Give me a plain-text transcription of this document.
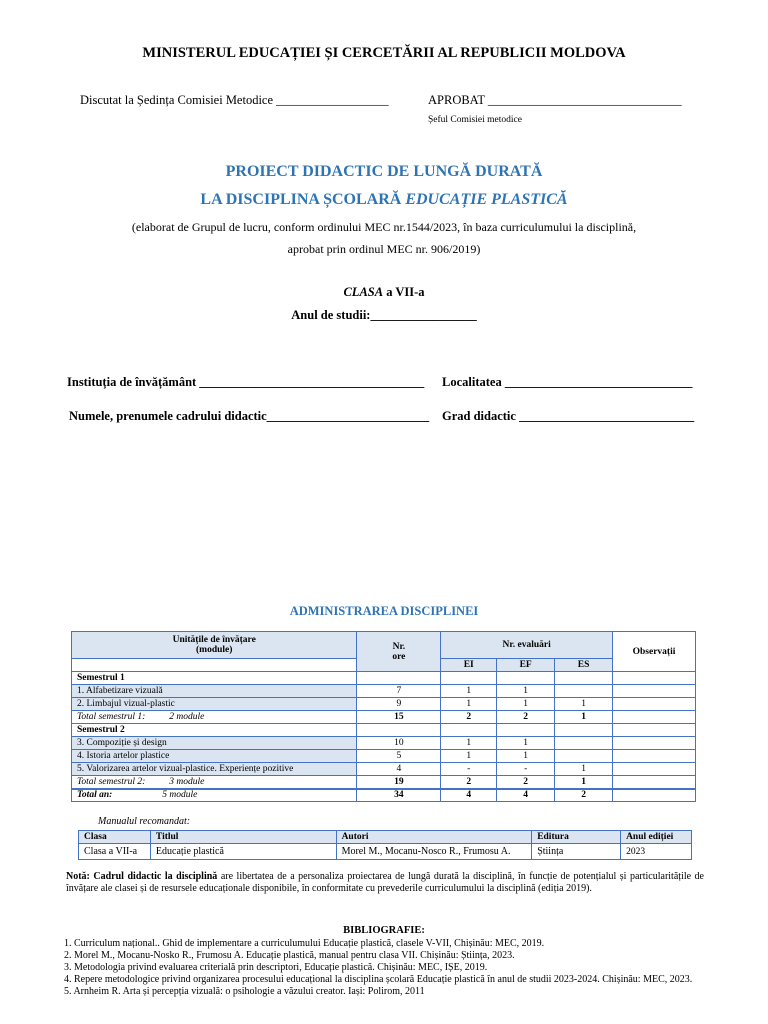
MINISTERUL EDUCAȚIEI ȘI CERCETĂRII AL REPUBLICII MOLDOVA
Discutat la Ședința Comisiei Metodice __________________	APROBAT _______________________________
Șeful Comisiei metodice
PROIECT DIDACTIC DE LUNGĂ DURATĂ
LA DISCIPLINA ȘCOLARĂ EDUCAȚIE PLASTICĂ
(elaborat de Grupul de lucru, conform ordinului MEC nr.1544/2023, în baza curriculumului la disciplină,
aprobat prin ordinul MEC nr. 906/2019)
CLASA a VII-a
Anul de studii:_________________
Instituția de învățământ ____________________________________ Localitatea ______________________________
Numele, prenumele cadrului didactic__________________________ Grad didactic ____________________________
ADMINISTRAREA DISCIPLINEI
Unitățile de învățare
(module)	Nr.
ore	Nr. evaluări			Observații
		EI	EF	ES	
Semestrul 1					
1. Alfabetizare vizuală	7	1	1		
2. Limbajul vizual-plastic	9	1	1	1	
Total semestrul 1: 2 module	15	2	2	1	
Semestrul 2					
3. Compoziție și design	10	1	1		
4. Istoria artelor plastice	5	1	1		
5. Valorizarea artelor vizual-plastice. Experiențe pozitive	4	-	-	1	
Total semestrul 2: 3 module	19	2	2	1	
Total an: 5 module	34	4	4	2	
Manualul recomandat:
Clasa	Titlul	Autori	Editura	Anul ediției
Clasa a VII-a	Educație plastică	Morel M., Mocanu-Nosco R., Frumosu A.	Știința	2023
Notă: Cadrul didactic la disciplină are libertatea de a personaliza proiectarea de lungă durată la disciplină, în funcție de potențialul și particularitățile de învățare ale clasei și de resursele educaționale disponibile, în conformitate cu prevederile curriculumului la disciplină (ediția 2019).
BIBLIOGRAFIE:
1. Curriculum național.. Ghid de implementare a curriculumului Educație plastică, clasele V-VII, Chișinău: MEC, 2019.
2. Morel M., Mocanu-Nosko R., Frumosu A. Educație plastică, manual pentru clasa VII. Chișinău: Știința, 2023.
3. Metodologia privind evaluarea criterială prin descriptori, Educație plastică. Chișinău: MEC, IȘE, 2019.
4. Repere metodologice privind organizarea procesului educațional la disciplina școlară Educație plastică în anul de studii 2023-2024. Chișinău: MEC, 2023.
5. Arnheim R. Arta și percepția vizuală: o psihologie a văzului creator. Iași: Polirom, 2011
